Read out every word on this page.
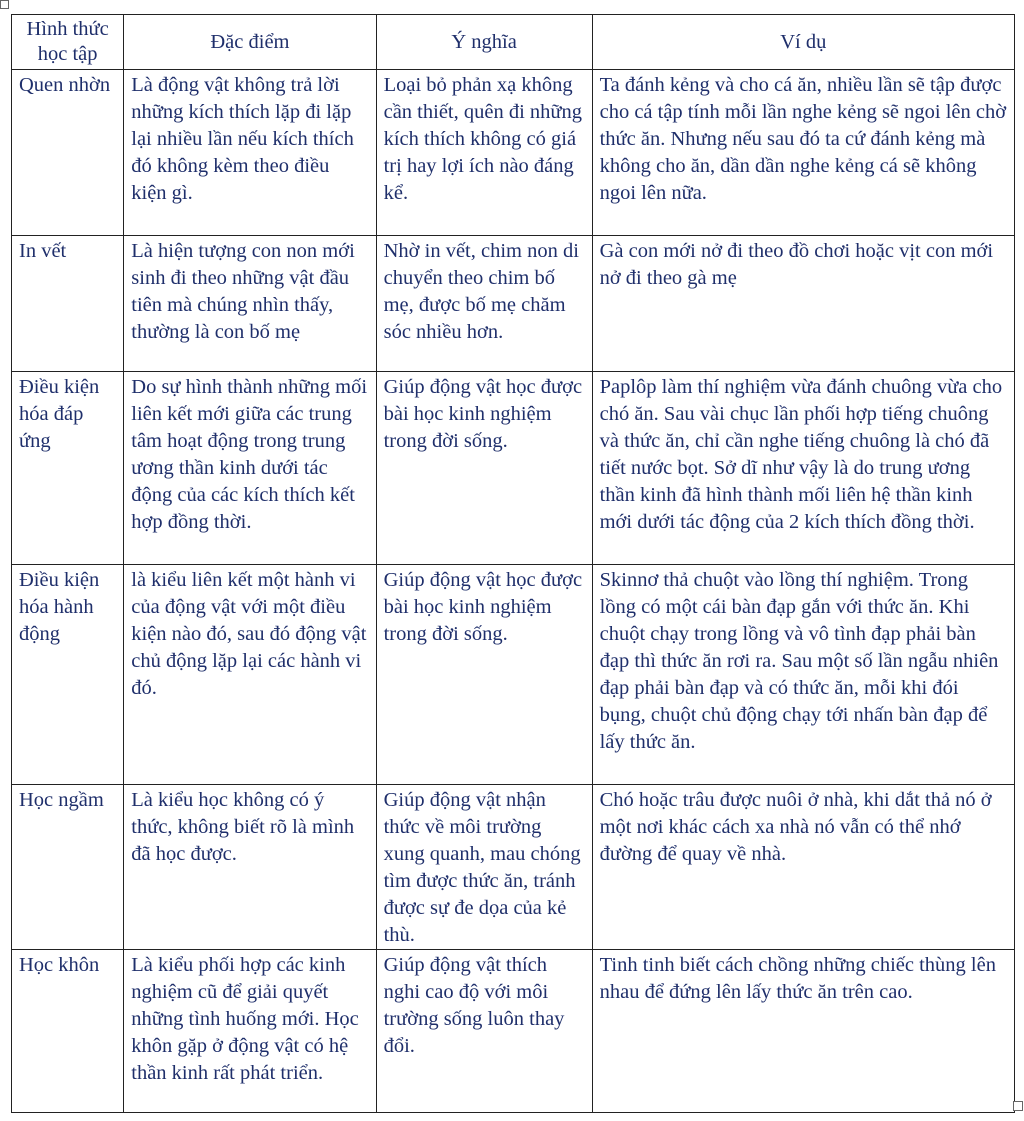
Hình thức học tập	Đặc điểm	Ý nghĩa	Ví dụ
Quen nhờn	Là động vật không trả lời những kích thích lặp đi lặp lại nhiều lần nếu kích thích đó không kèm theo điều kiện gì.	Loại bỏ phản xạ không cần thiết, quên đi những kích thích không có giá trị hay lợi ích nào đáng kể.	Ta đánh kẻng và cho cá ăn, nhiều lần sẽ tập được cho cá tập tính mỗi lần nghe kẻng sẽ ngoi lên chờ thức ăn. Nhưng nếu sau đó ta cứ đánh kẻng mà không cho ăn, dần dần nghe kẻng cá sẽ không ngoi lên nữa.
In vết	Là hiện tượng con non mới sinh đi theo những vật đầu tiên mà chúng nhìn thấy, thường là con bố mẹ	Nhờ in vết, chim non di chuyển theo chim bố mẹ, được bố mẹ chăm sóc nhiều hơn.	Gà con mới nở đi theo đồ chơi hoặc vịt con mới nở đi theo gà mẹ
Điều kiện hóa đáp ứng	Do sự hình thành những mối liên kết mới giữa các trung tâm hoạt động trong trung ương thần kinh dưới tác động của các kích thích kết hợp đồng thời.	Giúp động vật học được bài học kinh nghiệm trong đời sống.	Paplôp làm thí nghiệm vừa đánh chuông vừa cho chó ăn. Sau vài chục lần phối hợp tiếng chuông và thức ăn, chỉ cần nghe tiếng chuông là chó đã tiết nước bọt. Sở dĩ như vậy là do trung ương thần kinh đã hình thành mối liên hệ thần kinh mới dưới tác động của 2 kích thích đồng thời.
Điều kiện hóa hành động	là kiểu liên kết một hành vi của động vật với một điều kiện nào đó, sau đó động vật chủ động lặp lại các hành vi đó.	Giúp động vật học được bài học kinh nghiệm trong đời sống.	Skinnơ thả chuột vào lồng thí nghiệm. Trong lồng có một cái bàn đạp gắn với thức ăn. Khi chuột chạy trong lồng và vô tình đạp phải bàn đạp thì thức ăn rơi ra. Sau một số lần ngẫu nhiên đạp phải bàn đạp và có thức ăn, mỗi khi đói bụng, chuột chủ động chạy tới nhấn bàn đạp để lấy thức ăn.
Học ngầm	Là kiểu học không có ý thức, không biết rõ là mình đã học được.	Giúp động vật nhận thức về môi trường xung quanh, mau chóng tìm được thức ăn, tránh được sự đe dọa của kẻ thù.	Chó hoặc trâu được nuôi ở nhà, khi dắt thả nó ở một nơi khác cách xa nhà nó vẫn có thể nhớ đường để quay về nhà.
Học khôn	Là kiểu phối hợp các kinh nghiệm cũ để giải quyết những tình huống mới. Học khôn gặp ở động vật có hệ thần kinh rất phát triển.	Giúp động vật thích nghi cao độ với môi trường sống luôn thay đổi.	Tinh tinh biết cách chồng những chiếc thùng lên nhau để đứng lên lấy thức ăn trên cao.
